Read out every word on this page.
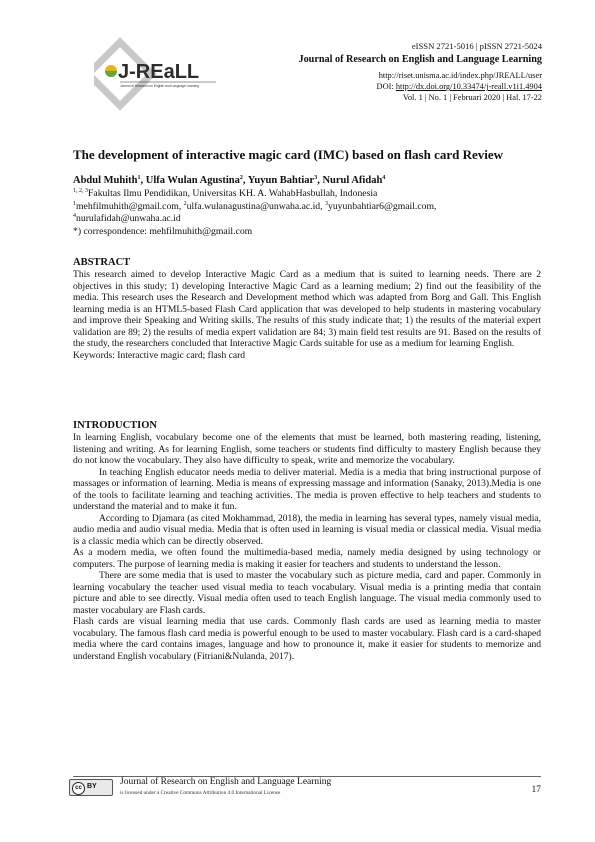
J-REaLL
Journal of Research on English and Language Learning
eISSN 2721-5016 | pISSN 2721-5024
Journal of Research on English and Language Learning
http://riset.unisma.ac.id/index.php/JREALL/user
DOI: http://dx.doi.org/10.33474/j-reall.v1i1.4904
Vol. 1 | No. 1 | Februari 2020 | Hal. 17-22
The development of interactive magic card (IMC) based on flash card Review
Abdul Muhith$^1$, Ulfa Wulan Agustina$^2$, Yuyun Bahtiar$^3$, Nurul Afidah$^4$
$^{1, 2, 3}$Fakultas Ilmu Pendidikan, Universitas KH. A. WahabHasbullah, Indonesia
$^1$mehfilmuhith@gmail.com, $^2$ulfa.wulanagustina@unwaha.ac.id, $^3$yuyunbahtiar6@gmail.com,
$^4$nurulafidah@unwaha.ac.id
*) correspondence: mehfilmuhith@gmail.com
ABSTRACT

This research aimed to develop Interactive Magic Card as a medium that is suited to learning needs. There are 2 objectives in this study; 1) developing Interactive Magic Card as a learning medium; 2) find out the feasibility of the media. This research uses the Research and Development method which was adapted from Borg and Gall. This English learning media is an HTML5-based Flash Card application that was developed to help students in mastering vocabulary and improve their Speaking and Writing skills. The results of this study indicate that; 1) the results of the material expert validation are 89; 2) the results of media expert validation are 84; 3) main field test results are 91. Based on the results of the study, the researchers concluded that Interactive Magic Cards suitable for use as a medium for learning English.

Keywords: Interactive magic card; flash card

INTRODUCTION

In learning English, vocabulary become one of the elements that must be learned, both mastering reading, listening, listening and writing. As for learning English, some teachers or students find difficulty to mastery English because they do not know the vocabulary. They also have difficulty to speak, write and memorize the vocabulary.

In teaching English educator needs media to deliver material. Media is a media that bring instructional purpose of massages or information of learning. Media is means of expressing massage and information (Sanaky, 2013).Media is one of the tools to facilitate learning and teaching activities. The media is proven effective to help teachers and students to understand the material and to make it fun.

According to Djamara (as cited Mokhammad, 2018), the media in learning has several types, namely visual media, audio media and audio visual media. Media that is often used in learning is visual media or classical media. Visual media is a classic media which can be directly observed.

As a modern media, we often found the multimedia-based media, namely media designed by using technology or computers. The purpose of learning media is making it easier for teachers and students to understand the lesson.

There are some media that is used to master the vocabulary such as picture media, card and paper. Commonly in learning vocabulary the teacher used visual media to teach vocabulary. Visual media is a printing media that contain picture and able to see directly. Visual media often used to teach English language. The visual media commonly used to master vocabulary are Flash cards.

Flash cards are visual learning media that use cards. Commonly flash cards are used as learning media to master vocabulary. The famous flash card media is powerful enough to be used to master vocabulary. Flash card is a card-shaped media where the card contains images, language and how to pronounce it, make it easier for students to memorize and understand English vocabulary (Fitriani&Nulanda, 2017).

cc BY Journal of Research on English and Language Learning
is licensed under a Creative Commons Attribution 4.0 International License	17
